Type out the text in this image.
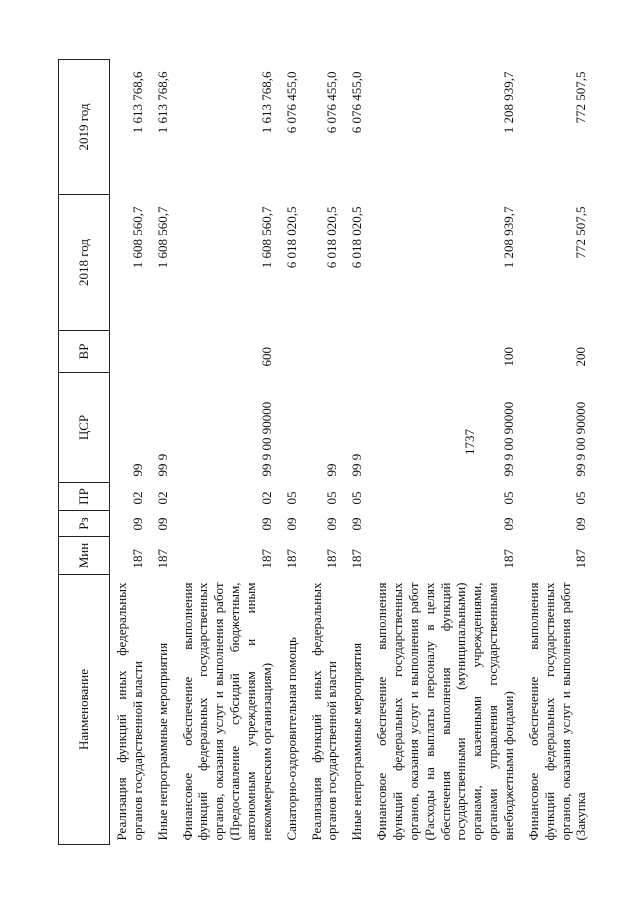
1737
Наименование	Мин	Рз	ПР	ЦСР	ВР	2018 год	2019 год
Реализация функций иных федеральных органов государственной власти	187	09	02	99		1 608 560,7	1 613 768,6
Иные непрограммные мероприятия	187	09	02	99 9		1 608 560,7	1 613 768,6
Финансовое обеспечение выполнения функций федеральных государственных органов, оказания услуг и выполнения работ (Предоставление субсидий бюджетным, автономным учреждениям и иным некоммерческим организациям)	187	09	02	99 9 00 90000	600	1 608 560,7	1 613 768,6
Санаторно-оздоровительная помощь	187	09	05			6 018 020,5	6 076 455,0
Реализация функций иных федеральных органов государственной власти	187	09	05	99		6 018 020,5	6 076 455,0
Иные непрограммные мероприятия	187	09	05	99 9		6 018 020,5	6 076 455,0
Финансовое обеспечение выполнения функций федеральных государственных органов, оказания услуг и выполнения работ (Расходы на выплаты персоналу в целях обеспечения выполнения функций государственными (муниципальными) органами, казенными учреждениями, органами управления государственными внебюджетными фондами)	187	09	05	99 9 00 90000	100	1 208 939,7	1 208 939,7
Финансовое обеспечение выполнения функций федеральных государственных органов, оказания услуг и выполнения работ (Закупка	187	09	05	99 9 00 90000	200	772 507,5	772 507,5
